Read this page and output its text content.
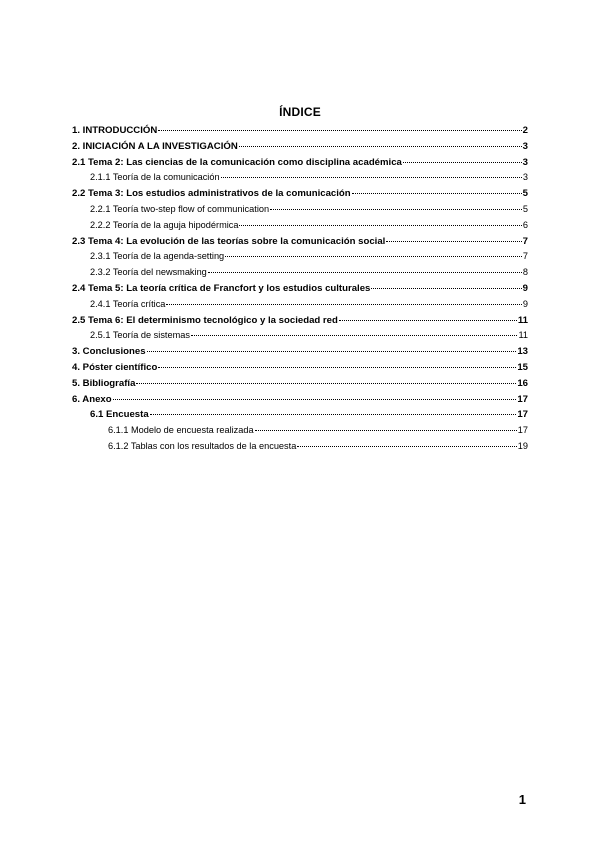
ÍNDICE
1. INTRODUCCIÓN	2
2. INICIACIÓN A LA INVESTIGACIÓN	3
2.1 Tema 2: Las ciencias de la comunicación como disciplina académica	3
2.1.1 Teoría de la comunicación	3
2.2 Tema 3: Los estudios administrativos de la comunicación	5
2.2.1 Teoría two-step flow of communication	5
2.2.2 Teoría de la aguja hipodérmica	6
2.3 Tema 4: La evolución de las teorías sobre la comunicación social	7
2.3.1 Teoría de la agenda-setting	7
2.3.2 Teoría del newsmaking	8
2.4 Tema 5: La teoría crítica de Francfort y los estudios culturales	9
2.4.1 Teoría crítica	9
2.5 Tema 6: El determinismo tecnológico y la sociedad red	11
2.5.1 Teoría de sistemas	11
3. Conclusiones	13
4. Póster científico	15
5. Bibliografía	16
6. Anexo	17
6.1 Encuesta	17
6.1.1 Modelo de encuesta realizada	17
6.1.2 Tablas con los resultados de la encuesta	19
1
